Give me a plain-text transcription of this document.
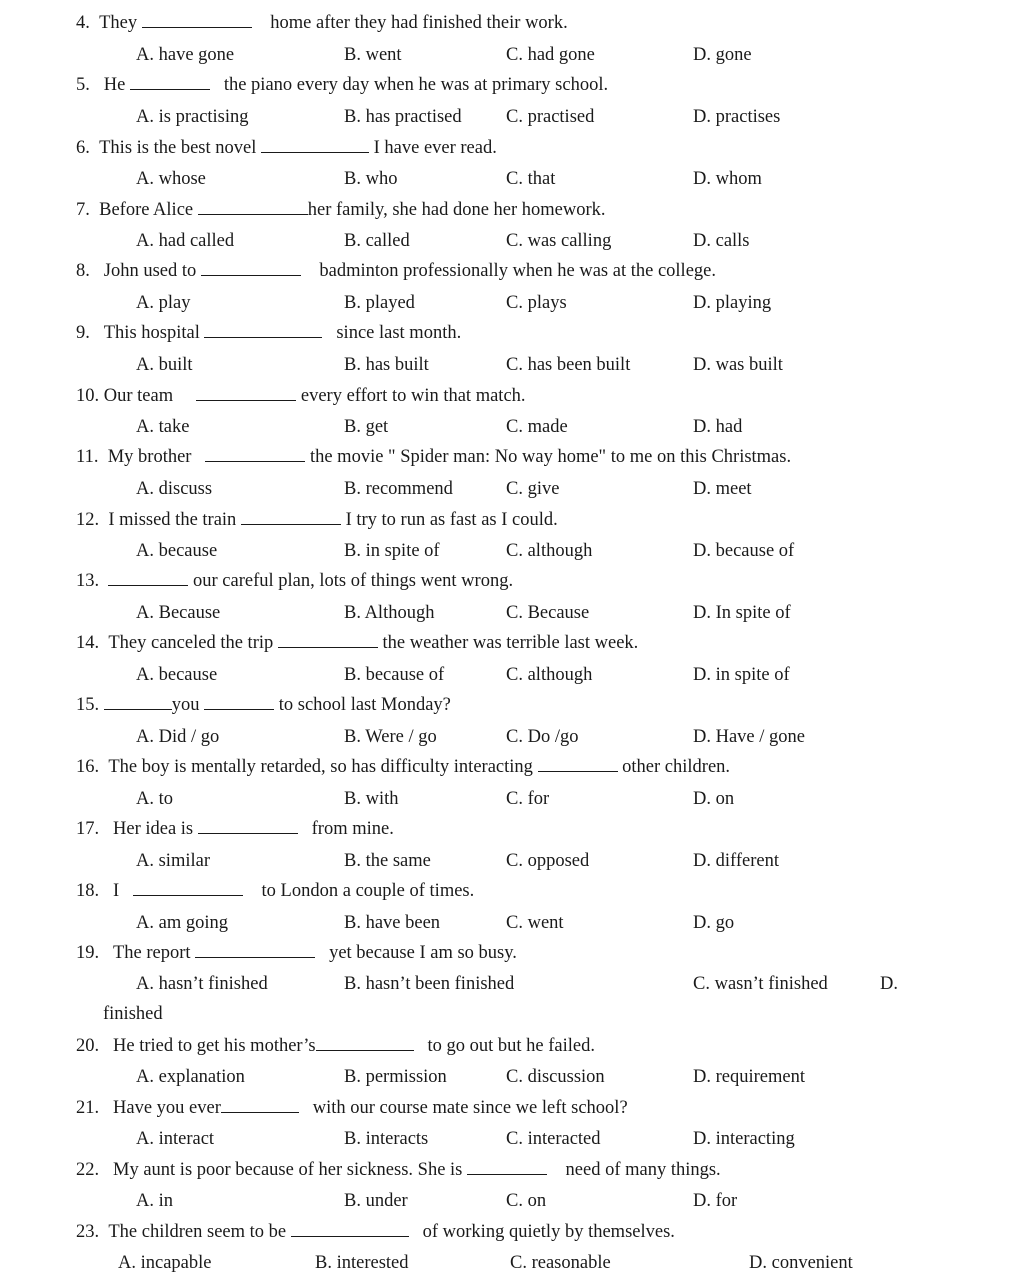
4. They	home after they had finished their work.
A. have gone	B. went	C. had gone	D. gone
5. He	the piano every day when he was at primary school.
A. is practising	B. has practised C. practised	D. practises
6. This is the best novel	I have ever read.
A. whose	B. who	C. that	D. whom
7. Before Alice	her family, she had done her homework.
A. had called	B. called	C. was calling	D. calls
8. John used to	badminton professionally when he was at the college.
A. play	B. played	C. plays	D. playing
9. This hospital	since last month.
A. built	B. has built	C. has been built	D. was built
10. Our team	every effort to win that match.
A. take	B. get	C. made	D. had
11. My brother	the movie " Spider man: No way home" to me on this Christmas.
A. discuss	B. recommend	C. give	D. meet
12. I missed the train	I try to run as fast as I could.
A. because	B. in spite of	C. although	D. because of
13.	our careful plan, lots of things went wrong.
A. Because	B. Although	C. Because	D. In spite of
14. They canceled the trip	the weather was terrible last week.
A. because	B. because of	C. although	D. in spite of
15.	you	to school last Monday?
A. Did / go	B. Were / go	C. Do /go	D. Have / gone
16. The boy is mentally retarded, so has difficulty interacting	other children.
A. to	B. with	C. for	D. on
17. Her idea is	from mine.
A. similar	B. the same	C. opposed	D. different
18. I	to London a couple of times.
A. am going	B. have been	C. went	D. go
19. The report	yet because I am so busy.
A. hasn’t finished	B. hasn’t been finished	C. wasn’t finished	D.
finished
20. He tried to get his mother’s	to go out but he failed.
A. explanation	B. permission	C. discussion	D. requirement
21. Have you ever	with our course mate since we left school?
A. interact	B. interacts	C. interacted	D. interacting
22. My aunt is poor because of her sickness. She is	need of many things.
A. in	B. under	C. on	D. for
23. The children seem to be	of working quietly by themselves.
A. incapable	B. interested	C. reasonable	D. convenient
